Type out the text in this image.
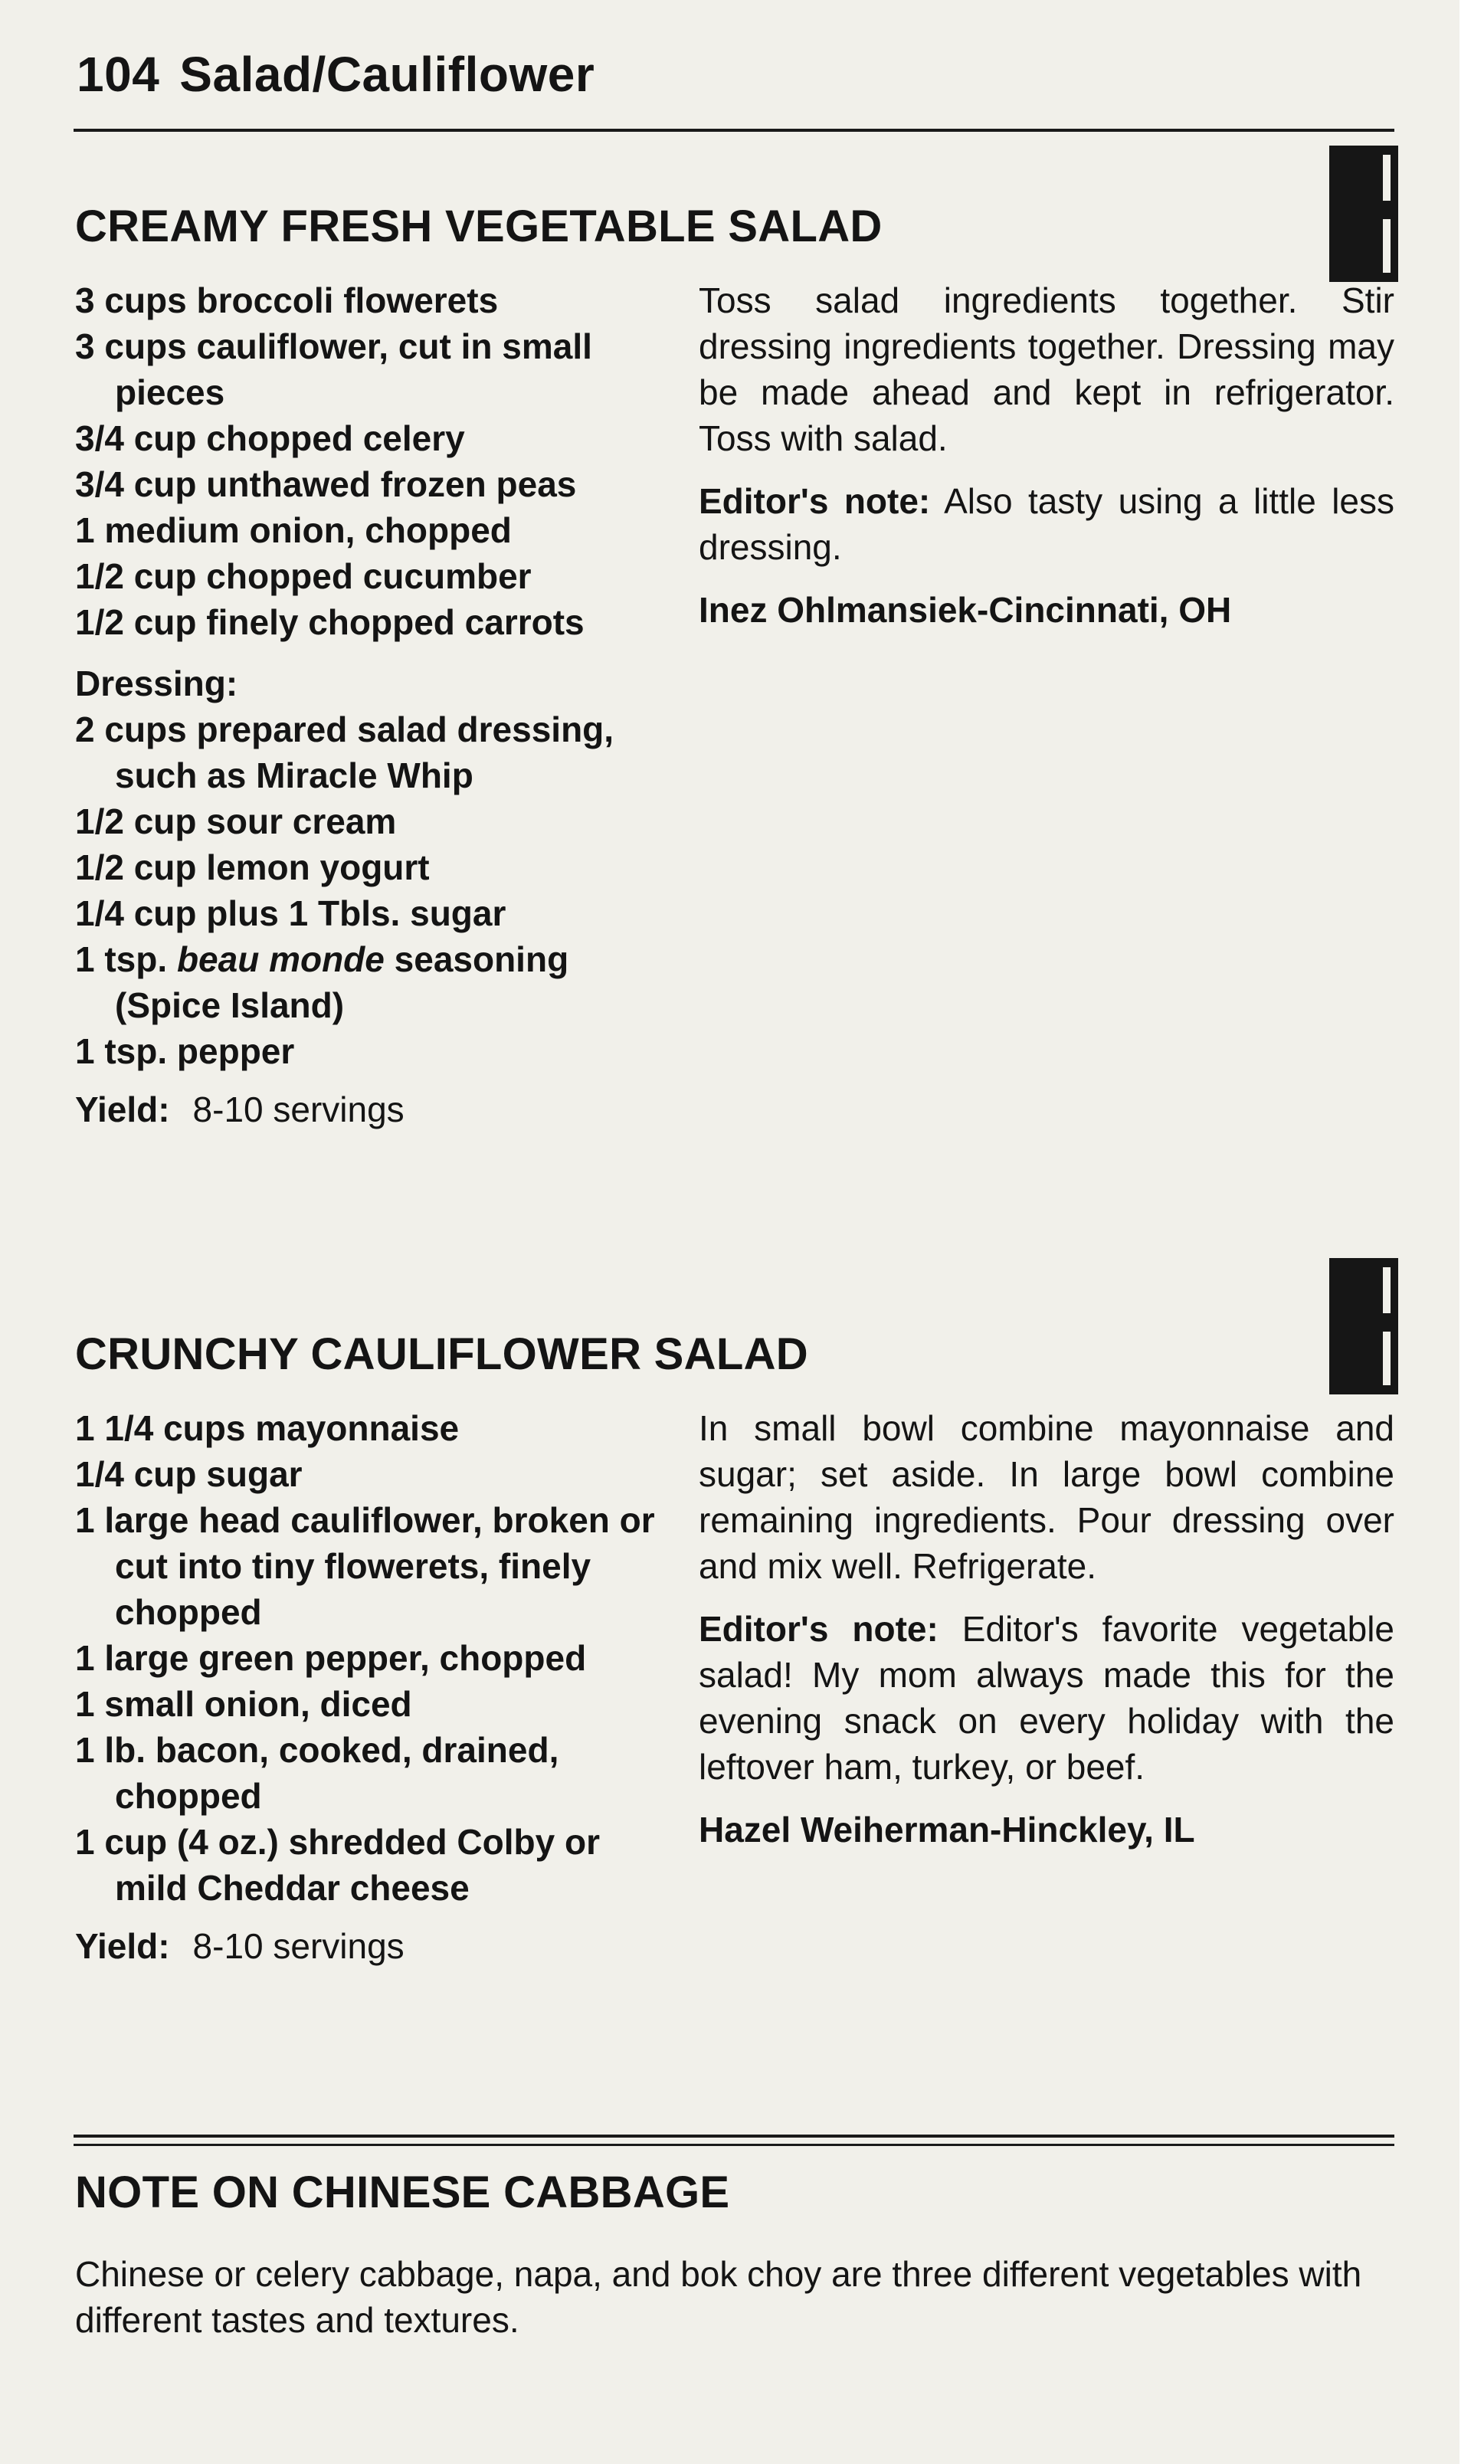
104 Salad/Cauliflower
CREAMY FRESH VEGETABLE SALAD
3 cups broccoli flowerets
3 cups cauliflower, cut in small pieces
3/4 cup chopped celery
3/4 cup unthawed frozen peas
1 medium onion, chopped
1/2 cup chopped cucumber
1/2 cup finely chopped carrots
Dressing:
2 cups prepared salad dressing, such as Miracle Whip
1/2 cup sour cream
1/2 cup lemon yogurt
1/4 cup plus 1 Tbls. sugar
1 tsp. beau monde seasoning (Spice Island)
1 tsp. pepper
Yield: 8-10 servings

Toss salad ingredients together. Stir dressing ingredients together. Dressing may be made ahead and kept in refrigerator. Toss with salad.

Editor's note: Also tasty using a little less dressing.

Inez Ohlmansiek-Cincinnati, OH

CRUNCHY CAULIFLOWER SALAD
1 1/4 cups mayonnaise
1/4 cup sugar
1 large head cauliflower, broken or cut into tiny flowerets, finely chopped
1 large green pepper, chopped
1 small onion, diced
1 lb. bacon, cooked, drained, chopped
1 cup (4 oz.) shredded Colby or mild Cheddar cheese
Yield: 8-10 servings

In small bowl combine mayonnaise and sugar; set aside. In large bowl combine remaining ingredients. Pour dressing over and mix well. Refrigerate.

Editor's note: Editor's favorite vegetable salad! My mom always made this for the evening snack on every holiday with the leftover ham, turkey, or beef.

Hazel Weiherman-Hinckley, IL

NOTE ON CHINESE CABBAGE
Chinese or celery cabbage, napa, and bok choy are three different vegetables with different tastes and textures.
